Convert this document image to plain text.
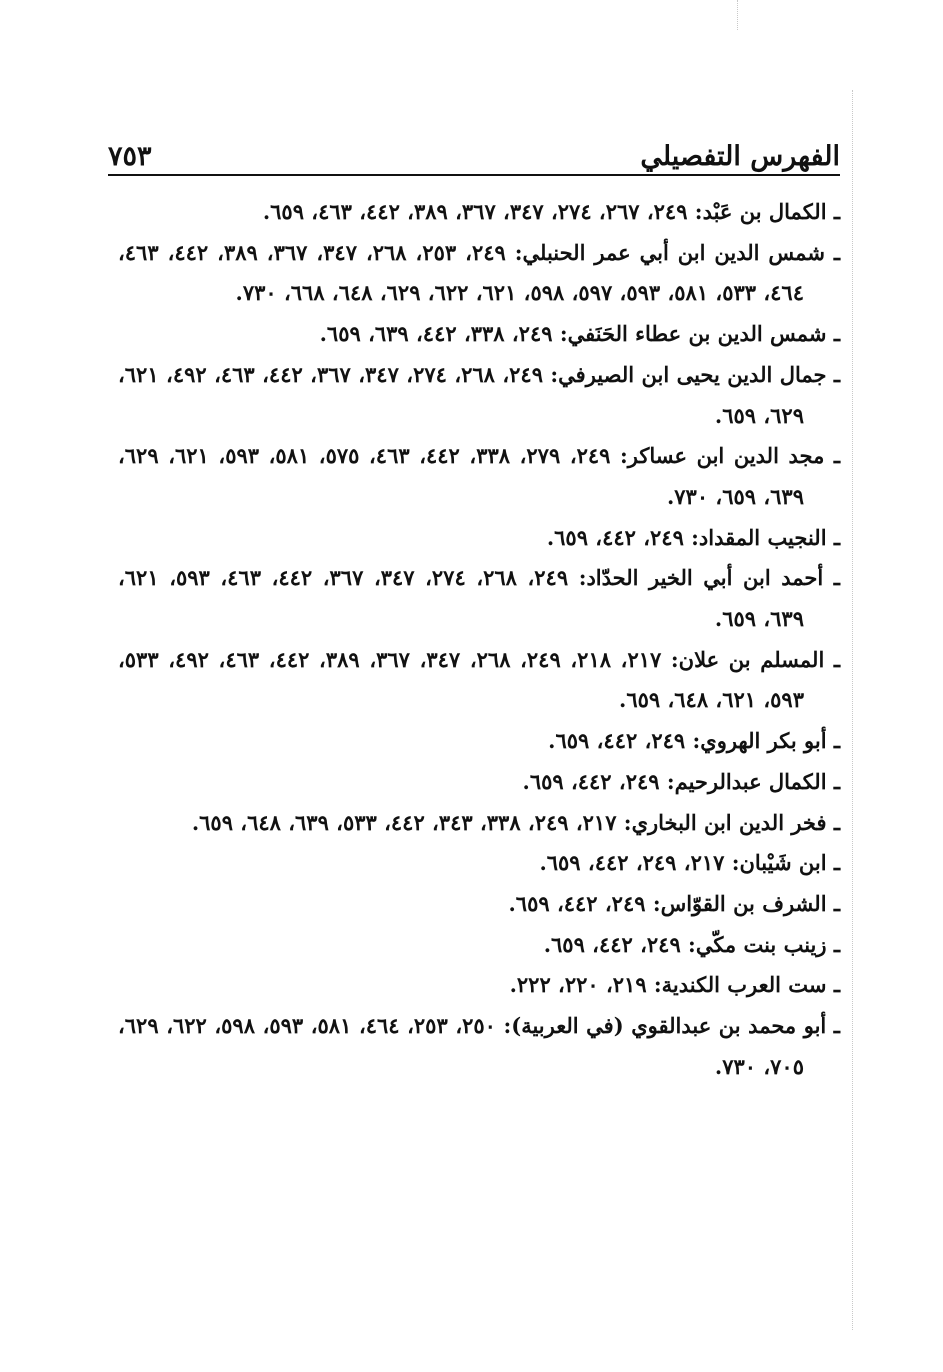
٧٥٣	الفهرس التفصيلي
ـ الكمال بن عَبْد: ٢٤٩، ٢٦٧، ٢٧٤، ٣٤٧، ٣٦٧، ٣٨٩، ٤٤٢، ٤٦٣، ٦٥٩.
ـ شمس الدين ابن أبي عمر الحنبلي: ٢٤٩، ٢٥٣، ٢٦٨، ٣٤٧، ٣٦٧، ٣٨٩، ٤٤٢، ٤٦٣، ٤٦٤، ٥٣٣، ٥٨١، ٥٩٣، ٥٩٧، ٥٩٨، ٦٢١، ٦٢٢، ٦٢٩، ٦٤٨، ٦٦٨، ٧٣٠.
ـ شمس الدين بن عطاء الحَنَفي: ٢٤٩، ٣٣٨، ٤٤٢، ٦٣٩، ٦٥٩.
ـ جمال الدين يحيى ابن الصيرفي: ٢٤٩، ٢٦٨، ٢٧٤، ٣٤٧، ٣٦٧، ٤٤٢، ٤٦٣، ٤٩٢، ٦٢١، ٦٢٩، ٦٥٩.
ـ مجد الدين ابن عساكر: ٢٤٩، ٢٧٩، ٣٣٨، ٤٤٢، ٤٦٣، ٥٧٥، ٥٨١، ٥٩٣، ٦٢١، ٦٢٩، ٦٣٩، ٦٥٩، ٧٣٠.
ـ النجيب المقداد: ٢٤٩، ٤٤٢، ٦٥٩.
ـ أحمد ابن أبي الخير الحدّاد: ٢٤٩، ٢٦٨، ٢٧٤، ٣٤٧، ٣٦٧، ٤٤٢، ٤٦٣، ٥٩٣، ٦٢١، ٦٣٩، ٦٥٩.
ـ المسلم بن علان: ٢١٧، ٢١٨، ٢٤٩، ٢٦٨، ٣٤٧، ٣٦٧، ٣٨٩، ٤٤٢، ٤٦٣، ٤٩٢، ٥٣٣، ٥٩٣، ٦٢١، ٦٤٨، ٦٥٩.
ـ أبو بكر الهروي: ٢٤٩، ٤٤٢، ٦٥٩.
ـ الكمال عبدالرحيم: ٢٤٩، ٤٤٢، ٦٥٩.
ـ فخر الدين ابن البخاري: ٢١٧، ٢٤٩، ٣٣٨، ٣٤٣، ٤٤٢، ٥٣٣، ٦٣٩، ٦٤٨، ٦٥٩.
ـ ابن شَيْبان: ٢١٧، ٢٤٩، ٤٤٢، ٦٥٩.
ـ الشرف بن القوّاس: ٢٤٩، ٤٤٢، ٦٥٩.
ـ زينب بنت مكّي: ٢٤٩، ٤٤٢، ٦٥٩.
ـ ست العرب الكندية: ٢١٩، ٢٢٠، ٢٢٢.
ـ أبو محمد بن عبدالقوي (في العربية): ٢٥٠، ٢٥٣، ٤٦٤، ٥٨١، ٥٩٣، ٥٩٨، ٦٢٢، ٦٢٩، ٧٠٥، ٧٣٠.
